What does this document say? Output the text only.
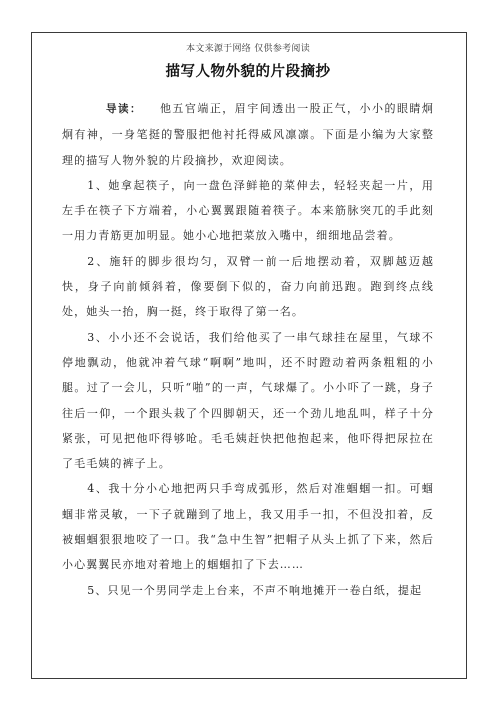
本文来源于网络 仅供参考阅读
描写人物外貌的片段摘抄

导读： 他五官端正，眉宇间透出一股正气，小小的眼睛炯炯有神，一身笔挺的警服把他衬托得威风凛凛。下面是小编为大家整理的描写人物外貌的片段摘抄，欢迎阅读。

1、她拿起筷子，向一盘色泽鲜艳的菜伸去，轻轻夹起一片，用左手在筷子下方端着，小心翼翼跟随着筷子。本来筋脉突兀的手此刻一用力青筋更加明显。她小心地把菜放入嘴中，细细地品尝着。

2、施轩的脚步很均匀，双臂一前一后地摆动着，双脚越迈越快，身子向前倾斜着，像要倒下似的，奋力向前迅跑。跑到终点线处，她头一抬，胸一挺，终于取得了第一名。

3、小小还不会说话，我们给他买了一串气球挂在屋里，气球不停地飘动，他就冲着气球“啊啊”地叫，还不时蹬动着两条粗粗的小腿。过了一会儿，只听“啪”的一声，气球爆了。小小吓了一跳，身子往后一仰，一个跟头栽了个四脚朝天，还一个劲儿地乱叫，样子十分紧张，可见把他吓得够呛。毛毛姨赶快把他抱起来，他吓得把尿拉在了毛毛姨的裤子上。

4、我十分小心地把两只手弯成弧形，然后对准蝈蝈一扣。可蝈蝈非常灵敏，一下子就蹦到了地上，我又用手一扣，不但没扣着，反被蝈蝈狠狠地咬了一口。我“急中生智”把帽子从头上抓了下来，然后小心翼翼民亦地对着地上的蝈蝈扣了下去……

5、只见一个男同学走上台来，不声不响地摊开一卷白纸，提起
